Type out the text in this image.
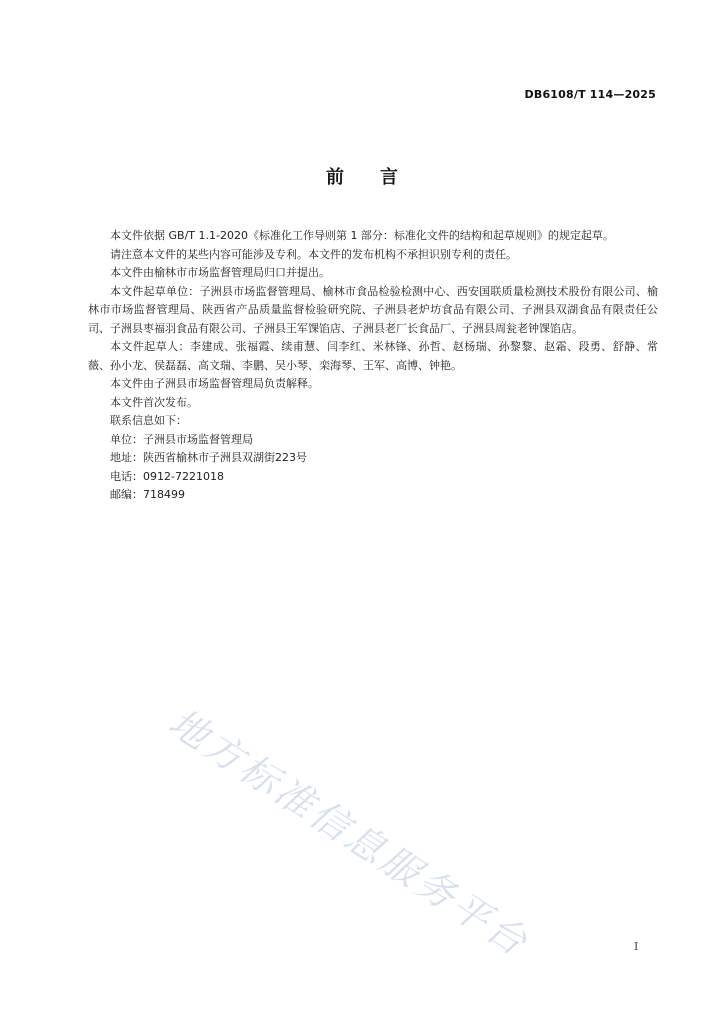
DB6108/T 114—2025
前言

本文件依据 GB/T 1.1-2020《标准化工作导则第 1 部分：标准化文件的结构和起草规则》的规定起草。

请注意本文件的某些内容可能涉及专利。本文件的发布机构不承担识别专利的责任。

本文件由榆林市市场监督管理局归口并提出。

本文件起草单位：子洲县市场监督管理局、榆林市食品检验检测中心、西安国联质量检测技术股份有限公司、榆林市市场监督管理局、陕西省产品质量监督检验研究院、子洲县老炉坊食品有限公司、子洲县双湖食品有限责任公司、子洲县枣福羽食品有限公司、子洲县王军馃馅店、子洲县老厂长食品厂、子洲县周瓮老钟馃馅店。

本文件起草人：李建成、张福霞、续甫慧、闫李红、米林锋、孙哲、赵杨瑞、孙黎黎、赵霜、段勇、舒静、常薇、孙小龙、侯磊磊、高文瑞、李鹏、吴小琴、栾海琴、王军、高博、钟艳。

本文件由子洲县市场监督管理局负责解释。

本文件首次发布。

联系信息如下：

单位：子洲县市场监督管理局

地址：陕西省榆林市子洲县双湖街223号

电话：0912-7221018

邮编：718499

地方标准信息服务平台	I
